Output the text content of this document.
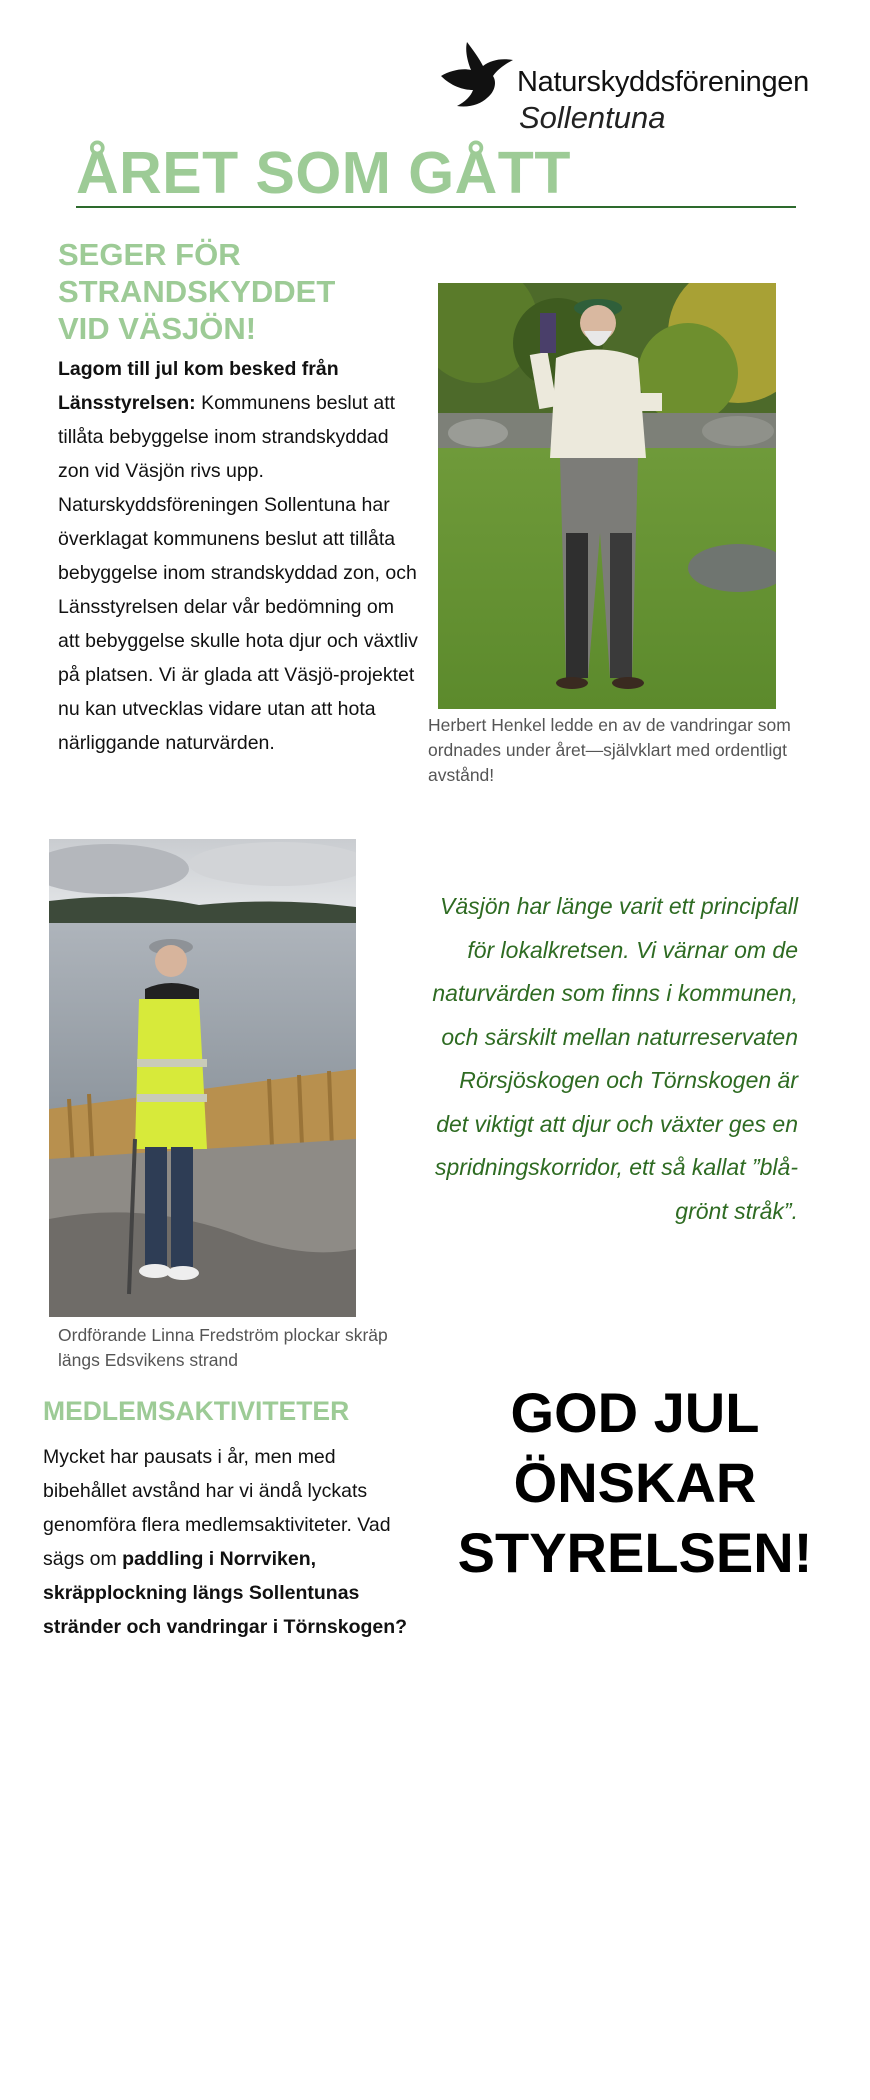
Naturskyddsföreningen
Sollentuna
ÅRET SOM GÅTT
SEGER FÖR
STRANDSKYDDET
VID VÄSJÖN!
Lagom till jul kom besked från Länsstyrelsen: Kommunens beslut att tillåta bebyggelse inom strandskyddad zon vid Väsjön rivs upp. Naturskyddsföreningen Sollentuna har överklagat kommunens beslut att tillåta bebyggelse inom strandskyddad zon, och Länsstyrelsen delar vår bedömning om att bebyggelse skulle hota djur och växtliv på platsen. Vi är glada att Väsjö-projektet nu kan utvecklas vidare utan att hota närliggande naturvärden.
Herbert Henkel ledde en av de vandringar som ordnades under året—självklart med ordentligt avstånd!
Ordförande Linna Fredström plockar skräp längs Edsvikens strand
Väsjön har länge varit ett principfall för lokalkretsen. Vi värnar om de naturvärden som finns i kommunen, och särskilt mellan naturreservaten Rörsjöskogen och Törnskogen är det viktigt att djur och växter ges en spridningskorridor, ett så kallat ”blå-grönt stråk”.
MEDLEMSAKTIVITETER
Mycket har pausats i år, men med bibehållet avstånd har vi ändå lyckats genomföra flera medlemsaktiviteter. Vad sägs om paddling i Norrviken, skräpplockning längs Sollentunas stränder och vandringar i Törnskogen?
GOD JUL
ÖNSKAR
STYRELSEN!
